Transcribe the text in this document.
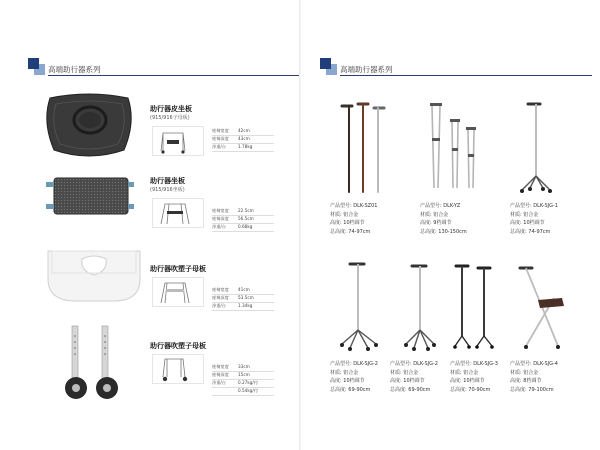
高端助行器系列
助行器皮坐板
(915/916子母板)
座椅宽度	42cm
座椅深度	43cm
净重/台	1.78kg
助行器坐板
(915/916坐板)
座椅宽度	22.5cm
座椅深度	56.5cm
净重/台	0.68kg
助行器吹塑子母板
座椅宽度	41cm
座椅深度	53.5cm
净重/台	1.34kg
助行器吹塑子母板
座椅宽度	33cm
座椅深度	15cm
净重/台	0.27kg/付
0.54kg/付
高端助行器系列
产品型号: DLK-SZ01
材质: 铝合金
高度: 10档调节
总高度: 74-97cm
产品型号: DLK-YZ
材质: 铝合金
高度: 9档调节
总高度: 130-150cm
产品型号: DLK-SJG-1
材质: 铝合金
高度: 10档调节
总高度: 74-97cm
产品型号: DLK-SJG-2
材质: 铝合金
高度: 10档调节
总高度: 69-90cm
产品型号: DLK-SJG-2
材质: 铝合金
高度: 10档调节
总高度: 69-90cm
产品型号: DLK-SJG-3
材质: 铝合金
高度: 10档调节
总高度: 70-90cm
产品型号: DLK-SJG-4
材质: 铝合金
高度: 8档调节
总高度: 79-100cm
